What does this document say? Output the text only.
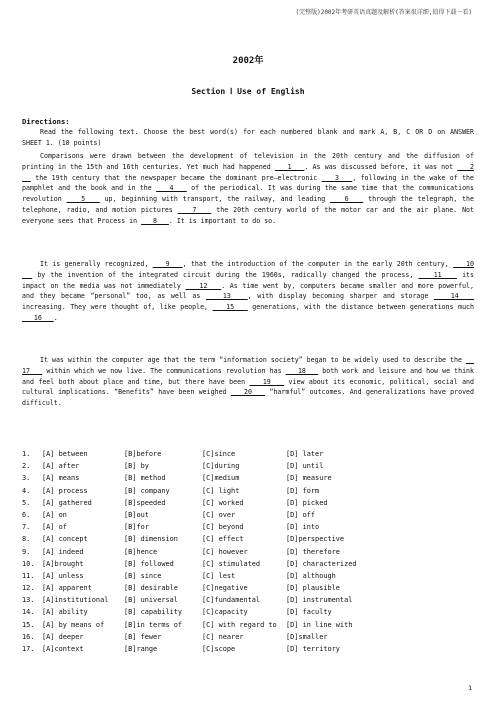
(完整版)2002年考研英语真题及解析(答案很详细,值得下载一看)
2002年
Section Ⅰ Use of English
Directions:
Read the following text. Choose the best word(s) for each numbered blank and mark A, B, C OR D on ANSWER SHEET 1. (10 points)
Comparisons were drawn between the development of television in the 20th century and the diffusion of printing in the 15th and 16th centuries. Yet much had happened    1   . As was discussed before, it was not    2    the 19th century that the newspaper became the dominant pre—electronic    3   , following in the wake of the pamphlet and the book and in the    4    of the periodical. It was during the same time that the communications revolution    5    up, beginning with transport, the railway, and leading    6    through the telegraph, the telephone, radio, and motion pictures    7    the 20th century world of the motor car and the air plane. Not everyone sees that Process in    8   . It is important to do so.
It is generally recognized,    9   , that the introduction of the computer in the early 20th century,    10    by the invention of the integrated circuit during the 1960s, radically changed the process,    11    its impact on the media was not immediately    12   . As time went by, computers became smaller and more powerful, and they became “personal” too, as well as    13   , with display becoming sharper and storage    14    increasing. They were thought of, like people,    15    generations, with the distance between generations much    16   .
It was within the computer age that the term “information society” began to be widely used to describe the    17    within which we now live. The communications revolution has    18    both work and leisure and how we think and feel both about place and time, but there have been    19    view about its economic, political, social and cultural implications. “Benefits” have been weighed    20    “harmful” outcomes. And generalizations have proved difficult.
1. [A] between	[B]before	[C]since	[D] later
2. [A] after	[B] by	[C]during	[D] until
3. [A] means	[B] method	[C]medium	[D] measure
4. [A] process	[B] company	[C] light	[D] form
5. [A] gathered	[B]speeded	[C] worked	[D] picked
6. [A] on	[B]out	[C] over	[D] off
7. [A] of	[B]for	[C] beyond	[D] into
8. [A] concept	[B] dimension	[C] effect	[D]perspective
9. [A] indeed	[B]hence	[C] however	[D] therefore
10. [A]brought	[B] followed	[C] stimulated	[D] characterized
11. [A] unless	[B] since	[C] lest	[D] although
12. [A] apparent	[B] desirable	[C]negative	[D] plausible
13. [A]institutional [B] universal	[C]fundamental	[D] instrumental
14. [A] ability	[B] capability	[C]capacity	[D] faculty
15. [A] by means of	[B]in terms of	[C] with regard to [D] in line with
16. [A] deeper	[B] fewer	[C] nearer	[D]smaller
17. [A]context	[B]range	[C]scope	[D] territory
1
